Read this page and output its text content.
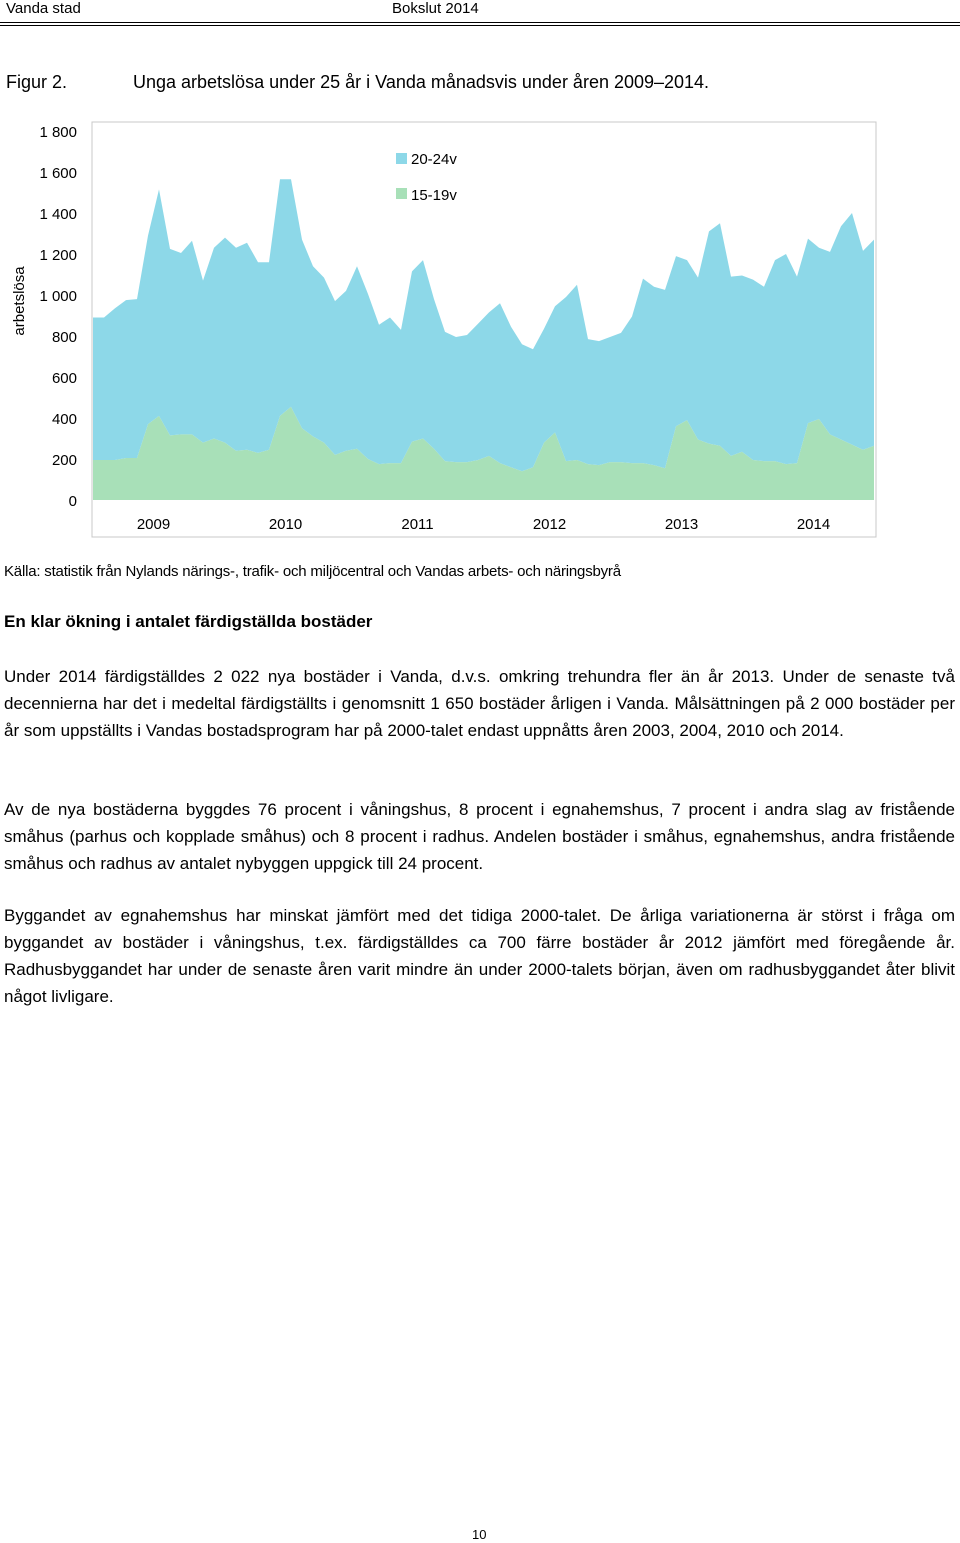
Vanda stad	Bokslut 2014
Figur 2.	Unga arbetslösa under 25 år i Vanda månadsvis under åren 2009–2014.
0
200
400
600
800
1 000
1 200
1 400
1 600
1 800
2009	2010	2011	2012	2013	2014
arbetslösa
20-24v
15-19v
Källa: statistik från Nylands närings-, trafik- och miljöcentral och Vandas arbets- och näringsbyrå
En klar ökning i antalet färdigställda bostäder

Under 2014 färdigställdes 2 022 nya bostäder i Vanda, d.v.s. omkring trehundra fler än år 2013. Under de senaste två decennierna har det i medeltal färdigställts i genomsnitt 1 650 bostäder årligen i Vanda. Målsättningen på 2 000 bostäder per år som uppställts i Vandas bostadsprogram har på 2000-talet endast uppnåtts åren 2003, 2004, 2010 och 2014.

Av de nya bostäderna byggdes 76 procent i våningshus, 8 procent i egnahemshus, 7 procent i andra slag av fristående småhus (parhus och kopplade småhus) och 8 procent i radhus. Andelen bostäder i småhus, egnahemshus, andra fristående småhus och radhus av antalet nybyggen uppgick till 24 procent.

Byggandet av egnahemshus har minskat jämfört med det tidiga 2000-talet. De årliga variationerna är störst i fråga om byggandet av bostäder i våningshus, t.ex. färdigställdes ca 700 färre bostäder år 2012 jämfört med föregående år. Radhusbyggandet har under de senaste åren varit mindre än under 2000-talets början, även om radhusbyggandet åter blivit något livligare.

10
